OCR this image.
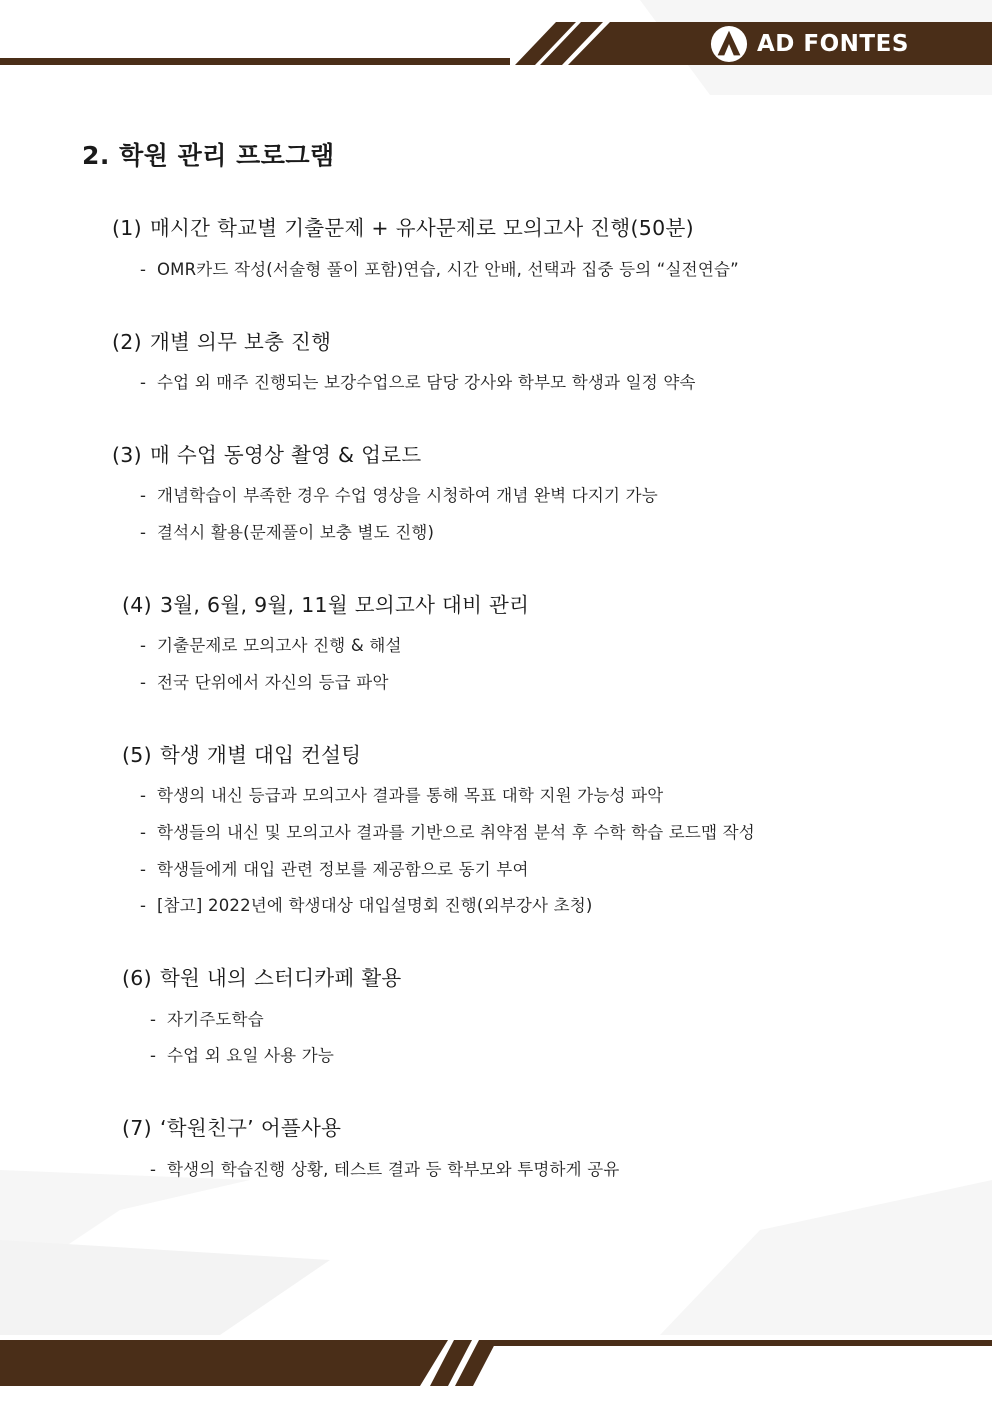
AD FONTES
2. 학원 관리 프로그램
(1) 매시간 학교별 기출문제 + 유사문제로 모의고사 진행(50분)

- OMR카드 작성(서술형 풀이 포함)연습, 시간 안배, 선택과 집중 등의 “실전연습”

(2) 개별 의무 보충 진행

- 수업 외 매주 진행되는 보강수업으로 담당 강사와 학부모 학생과 일정 약속

(3) 매 수업 동영상 촬영 & 업로드

- 개념학습이 부족한 경우 수업 영상을 시청하여 개념 완벽 다지기 가능

- 결석시 활용(문제풀이 보충 별도 진행)

(4) 3월, 6월, 9월, 11월 모의고사 대비 관리

- 기출문제로 모의고사 진행 & 해설

- 전국 단위에서 자신의 등급 파악

(5) 학생 개별 대입 컨설팅

- 학생의 내신 등급과 모의고사 결과를 통해 목표 대학 지원 가능성 파악

- 학생들의 내신 및 모의고사 결과를 기반으로 취약점 분석 후 수학 학습 로드맵 작성

- 학생들에게 대입 관련 정보를 제공함으로 동기 부여

- [참고] 2022년에 학생대상 대입설명회 진행(외부강사 초청)

(6) 학원 내의 스터디카페 활용

- 자기주도학습

- 수업 외 요일 사용 가능

(7) ‘학원친구’ 어플사용

- 학생의 학습진행 상황, 테스트 결과 등 학부모와 투명하게 공유
